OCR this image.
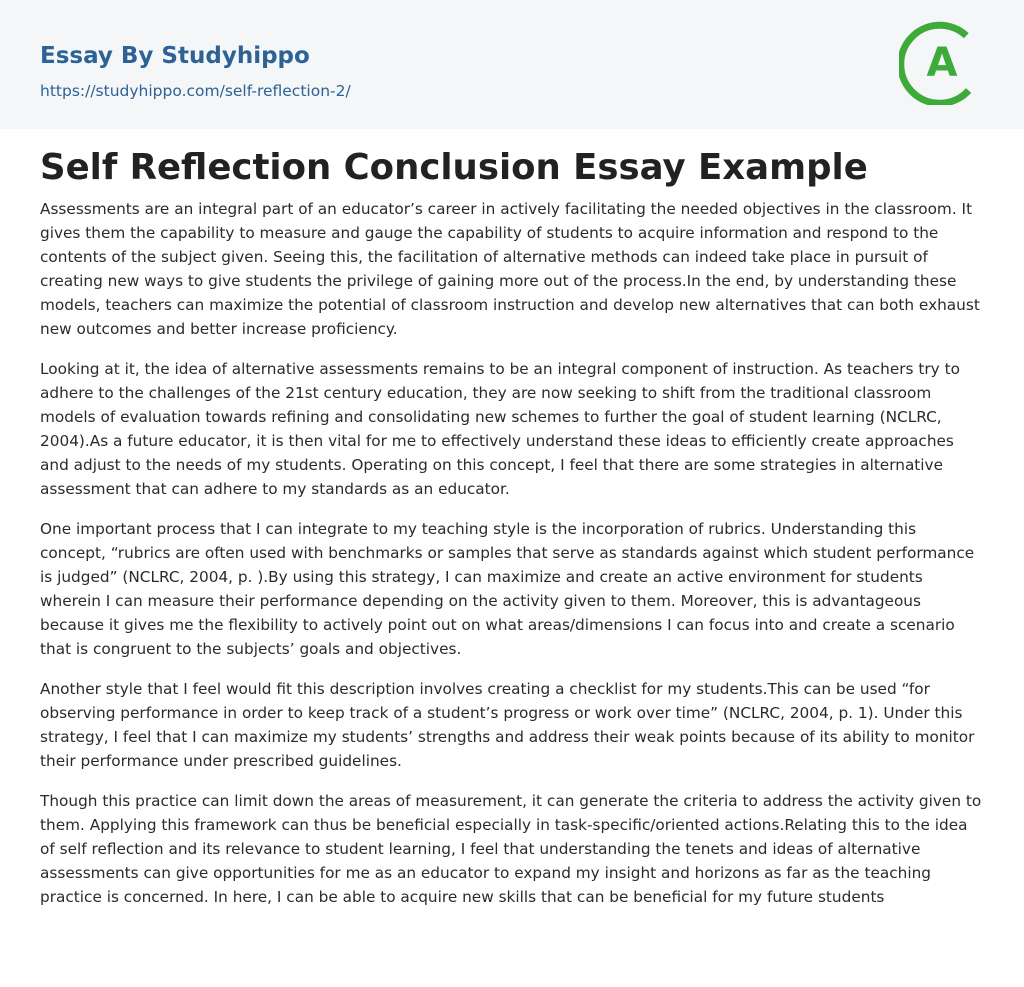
Essay By Studyhippo
https://studyhippo.com/self-reflection-2/
A
Self Reflection Conclusion Essay Example

Assessments are an integral part of an educator’s career in actively facilitating the needed objectives in the classroom. It gives them the capability to measure and gauge the capability of students to acquire information and respond to the contents of the subject given. Seeing this, the facilitation of alternative methods can indeed take place in pursuit of creating new ways to give students the privilege of gaining more out of the process.In the end, by understanding these models, teachers can maximize the potential of classroom instruction and develop new alternatives that can both exhaust new outcomes and better increase proficiency.

Looking at it, the idea of alternative assessments remains to be an integral component of instruction. As teachers try to adhere to the challenges of the 21st century education, they are now seeking to shift from the traditional classroom models of evaluation towards refining and consolidating new schemes to further the goal of student learning (NCLRC, 2004).As a future educator, it is then vital for me to effectively understand these ideas to efficiently create approaches and adjust to the needs of my students. Operating on this concept, I feel that there are some strategies in alternative assessment that can adhere to my standards as an educator.

One important process that I can integrate to my teaching style is the incorporation of rubrics. Understanding this concept, “rubrics are often used with benchmarks or samples that serve as standards against which student performance is judged” (NCLRC, 2004, p. ).By using this strategy, I can maximize and create an active environment for students wherein I can measure their performance depending on the activity given to them. Moreover, this is advantageous because it gives me the flexibility to actively point out on what areas/dimensions I can focus into and create a scenario that is congruent to the subjects’ goals and objectives.

Another style that I feel would fit this description involves creating a checklist for my students.This can be used “for observing performance in order to keep track of a student’s progress or work over time” (NCLRC, 2004, p. 1). Under this strategy, I feel that I can maximize my students’ strengths and address their weak points because of its ability to monitor their performance under prescribed guidelines.

Though this practice can limit down the areas of measurement, it can generate the criteria to address the activity given to them. Applying this framework can thus be beneficial especially in task-specific/oriented actions.Relating this to the idea of self reflection and its relevance to student learning, I feel that understanding the tenets and ideas of alternative assessments can give opportunities for me as an educator to expand my insight and horizons as far as the teaching practice is concerned. In here, I can be able to acquire new skills that can be beneficial for my future students
